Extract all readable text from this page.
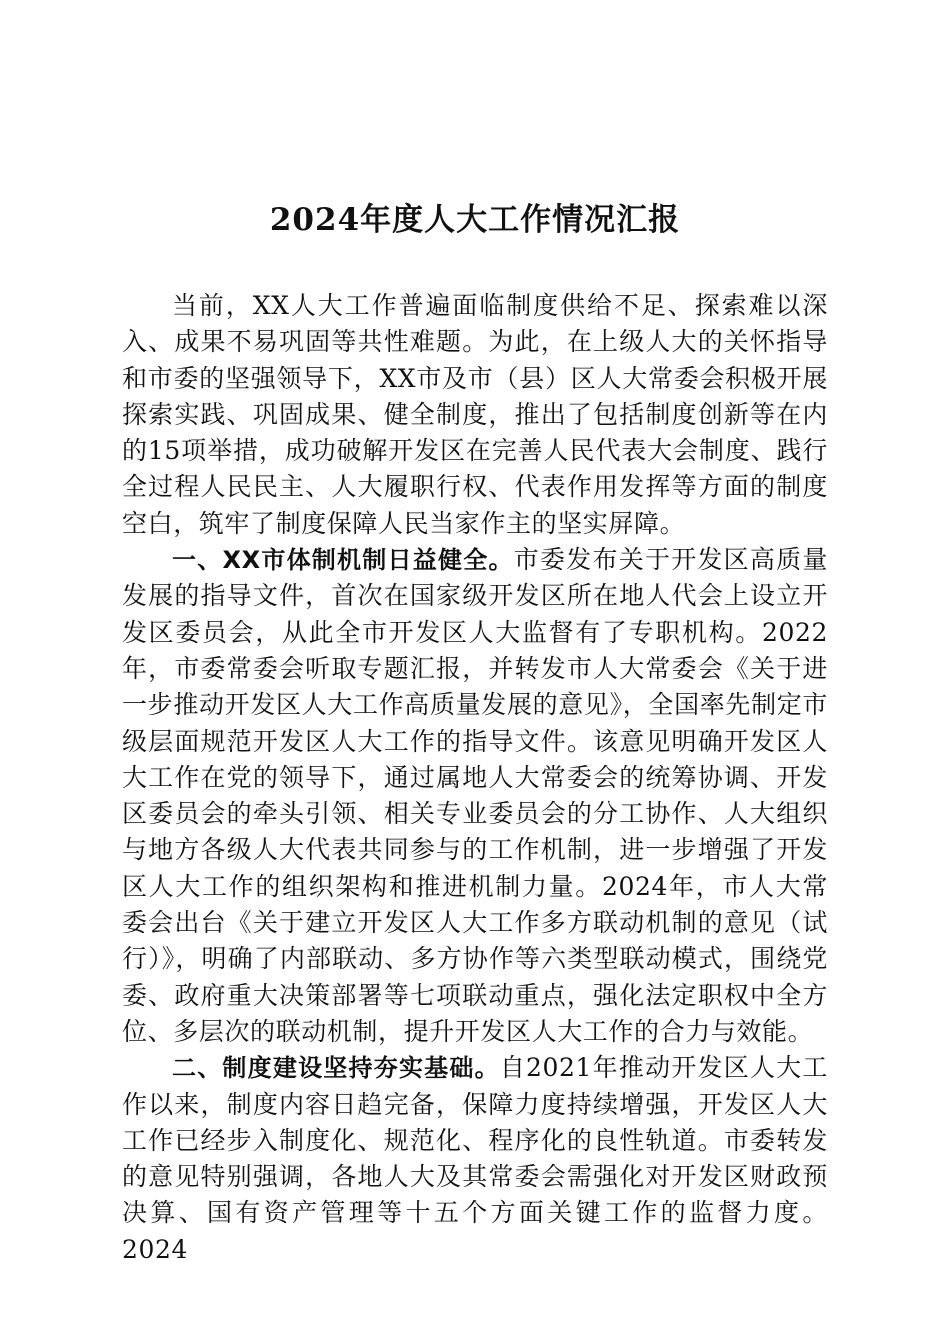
2024年度人大工作情况汇报

当前，XX人大工作普遍面临制度供给不足、探索难以深入、成果不易巩固等共性难题。为此，在上级人大的关怀指导和市委的坚强领导下，XX市及市（县）区人大常委会积极开展探索实践、巩固成果、健全制度，推出了包括制度创新等在内的15项举措，成功破解开发区在完善人民代表大会制度、践行全过程人民民主、人大履职行权、代表作用发挥等方面的制度空白，筑牢了制度保障人民当家作主的坚实屏障。

一、XX市体制机制日益健全。市委发布关于开发区高质量发展的指导文件，首次在国家级开发区所在地人代会上设立开发区委员会，从此全市开发区人大监督有了专职机构。2022年，市委常委会听取专题汇报，并转发市人大常委会《关于进一步推动开发区人大工作高质量发展的意见》，全国率先制定市级层面规范开发区人大工作的指导文件。该意见明确开发区人大工作在党的领导下，通过属地人大常委会的统筹协调、开发区委员会的牵头引领、相关专业委员会的分工协作、人大组织与地方各级人大代表共同参与的工作机制，进一步增强了开发区人大工作的组织架构和推进机制力量。2024年，市人大常委会出台《关于建立开发区人大工作多方联动机制的意见（试行）》，明确了内部联动、多方协作等六类型联动模式，围绕党委、政府重大决策部署等七项联动重点，强化法定职权中全方位、多层次的联动机制，提升开发区人大工作的合力与效能。

二、制度建设坚持夯实基础。自2021年推动开发区人大工作以来，制度内容日趋完备，保障力度持续增强，开发区人大工作已经步入制度化、规范化、程序化的良性轨道。市委转发的意见特别强调，各地人大及其常委会需强化对开发区财政预决算、国有资产管理等十五个方面关键工作的监督力度。2024
